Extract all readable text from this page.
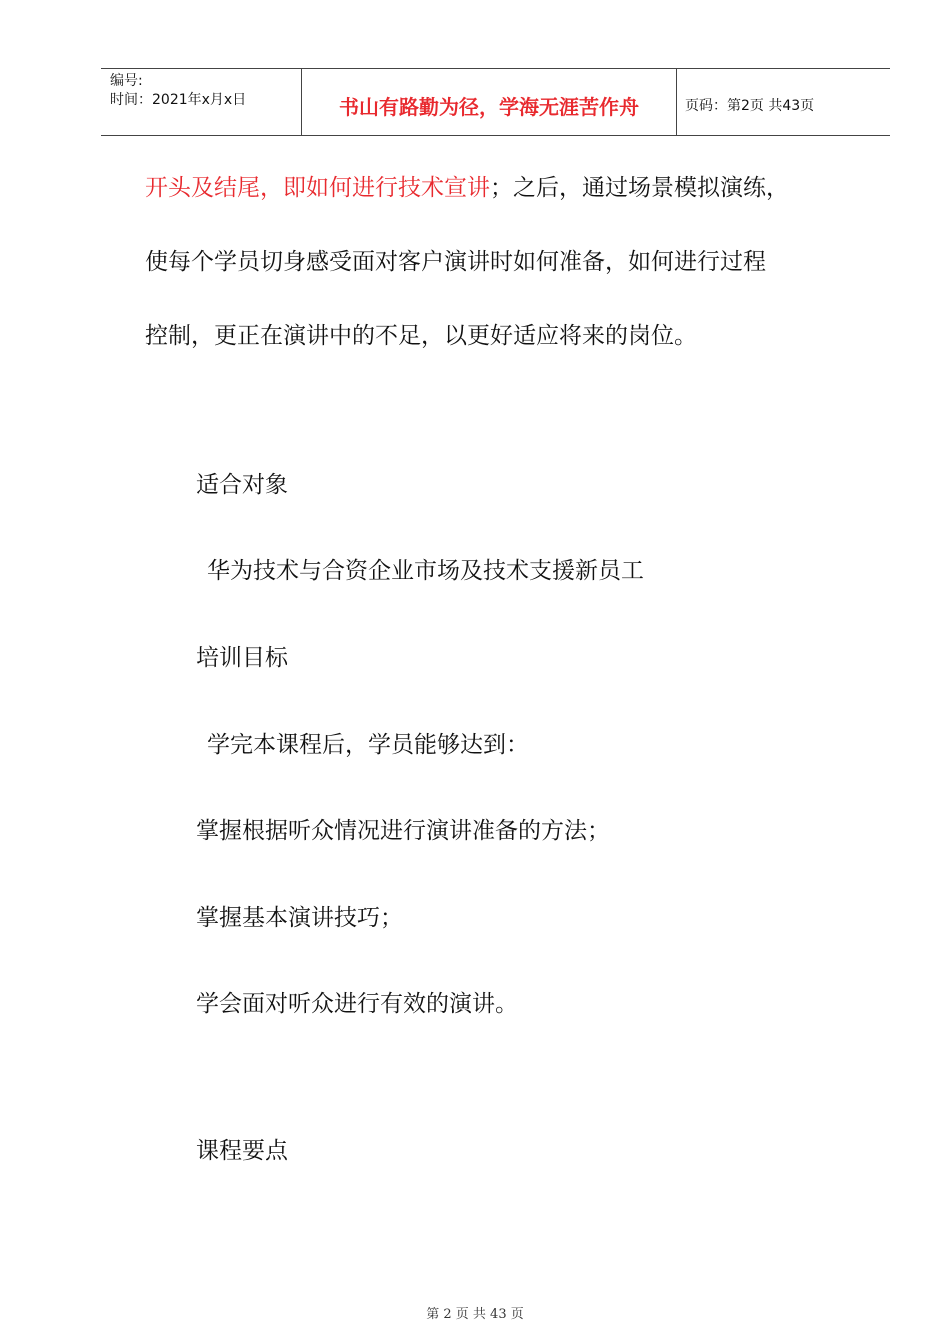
编号:
时间：2021年x月x日	书山有路勤为径，学海无涯苦作舟	页码：第2页 共43页
开头及结尾，即如何进行技术宣讲；之后，通过场景模拟演练，
使每个学员切身感受面对客户演讲时如何准备，如何进行过程
控制，更正在演讲中的不足，以更好适应将来的岗位。
适合对象
华为技术与合资企业市场及技术支援新员工
培训目标
学完本课程后，学员能够达到：
掌握根据听众情况进行演讲准备的方法；
掌握基本演讲技巧；
学会面对听众进行有效的演讲。
课程要点
第 2 页 共 43 页
